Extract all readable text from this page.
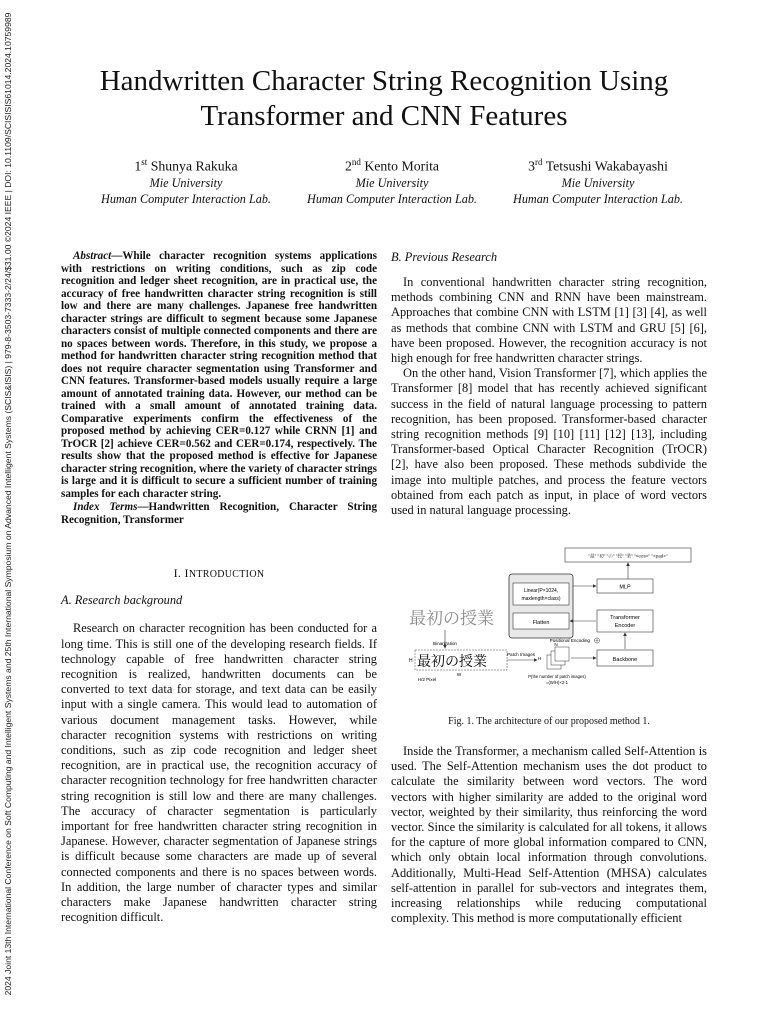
2024 Joint 13th International Conference on Soft Computing and Intelligent Systems and 25th International Symposium on Advanced Intelligent Systems (SCIS&ISIS) | 979-8-3503-7333-2/24/$31.00 ©2024 IEEE | DOI: 10.1109/SCISISIS61014.2024.10759989	Handwritten Character String Recognition Using Transformer and CNN Features
1st Shunya Rakuka
Mie University
Human Computer Interaction Lab.
2nd Kento Morita
Mie University
Human Computer Interaction Lab.
3rd Tetsushi Wakabayashi
Mie University
Human Computer Interaction Lab.

Abstract—While character recognition systems applications with restrictions on writing conditions, such as zip code recognition and ledger sheet recognition, are in practical use, the accuracy of free handwritten character string recognition is still low and there are many challenges. Japanese free handwritten character strings are difficult to segment because some Japanese characters consist of multiple connected components and there are no spaces between words. Therefore, in this study, we propose a method for handwritten character string recognition method that does not require character segmentation using Transformer and CNN features. Transformer-based models usually require a large amount of annotated training data. However, our method can be trained with a small amount of annotated training data. Comparative experiments confirm the effectiveness of the proposed method by achieving CER=0.127 while CRNN [1] and TrOCR [2] achieve CER=0.562 and CER=0.174, respectively. The results show that the proposed method is effective for Japanese character string recognition, where the variety of character strings is large and it is difficult to secure a sufficient number of training samples for each character string.

Index Terms—Handwritten Recognition, Character String Recognition, Transformer

I. INTRODUCTION
A. Research background

Research on character recognition has been conducted for a long time. This is still one of the developing research fields. If technology capable of free handwritten character string recognition is realized, handwritten documents can be converted to text data for storage, and text data can be easily input with a single camera. This would lead to automation of various document management tasks. However, while character recognition systems with restrictions on writing conditions, such as zip code recognition and ledger sheet recognition, are in practical use, the recognition accuracy of character recognition technology for free handwritten character string recognition is still low and there are many challenges. The accuracy of character segmentation is particularly important for free handwritten character string recognition in Japanese. However, character segmentation of Japanese strings is difficult because some characters are made up of several connected components and there is no spaces between words. In addition, the large number of character types and similar characters make Japanese handwritten character string recognition difficult.

B. Previous Research

In conventional handwritten character string recognition, methods combining CNN and RNN have been mainstream. Approaches that combine CNN with LSTM [1] [3] [4], as well as methods that combine CNN with LSTM and GRU [5] [6], have been proposed. However, the recognition accuracy is not high enough for free handwritten character strings.

On the other hand, Vision Transformer [7], which applies the Transformer [8] model that has recently achieved significant success in the field of natural language processing to pattern recognition, has been proposed. Transformer-based character string recognition methods [9] [10] [11] [12] [13], including Transformer-based Optical Character Recognition (TrOCR) [2], have also been proposed. These methods subdivide the image into multiple patches, and process the feature vectors obtained from each patch as input, in place of word vectors used in natural language processing.

"最" "初" "の" "授" "業" "<eos>" "<pad>"
Linear(P×1024,
maxlength×class)
Flatten
MLP
Transformer
Encoder
Positional Encoding
Backbone
最初の授業
Binarization
H 最初の授業
W
H/2 Pixel
Patch Images
N
H
P(the number of patch images)
=(W/H)×2-1
Fig. 1. The architecture of our proposed method 1.

Inside the Transformer, a mechanism called Self-Attention is used. The Self-Attention mechanism uses the dot product to calculate the similarity between word vectors. The word vectors with higher similarity are added to the original word vector, weighted by their similarity, thus reinforcing the word vector. Since the similarity is calculated for all tokens, it allows for the capture of more global information compared to CNN, which only obtain local information through convolutions. Additionally, Multi-Head Self-Attention (MHSA) calculates self-attention in parallel for sub-vectors and integrates them, increasing relationships while reducing computational complexity. This method is more computationally efficient
